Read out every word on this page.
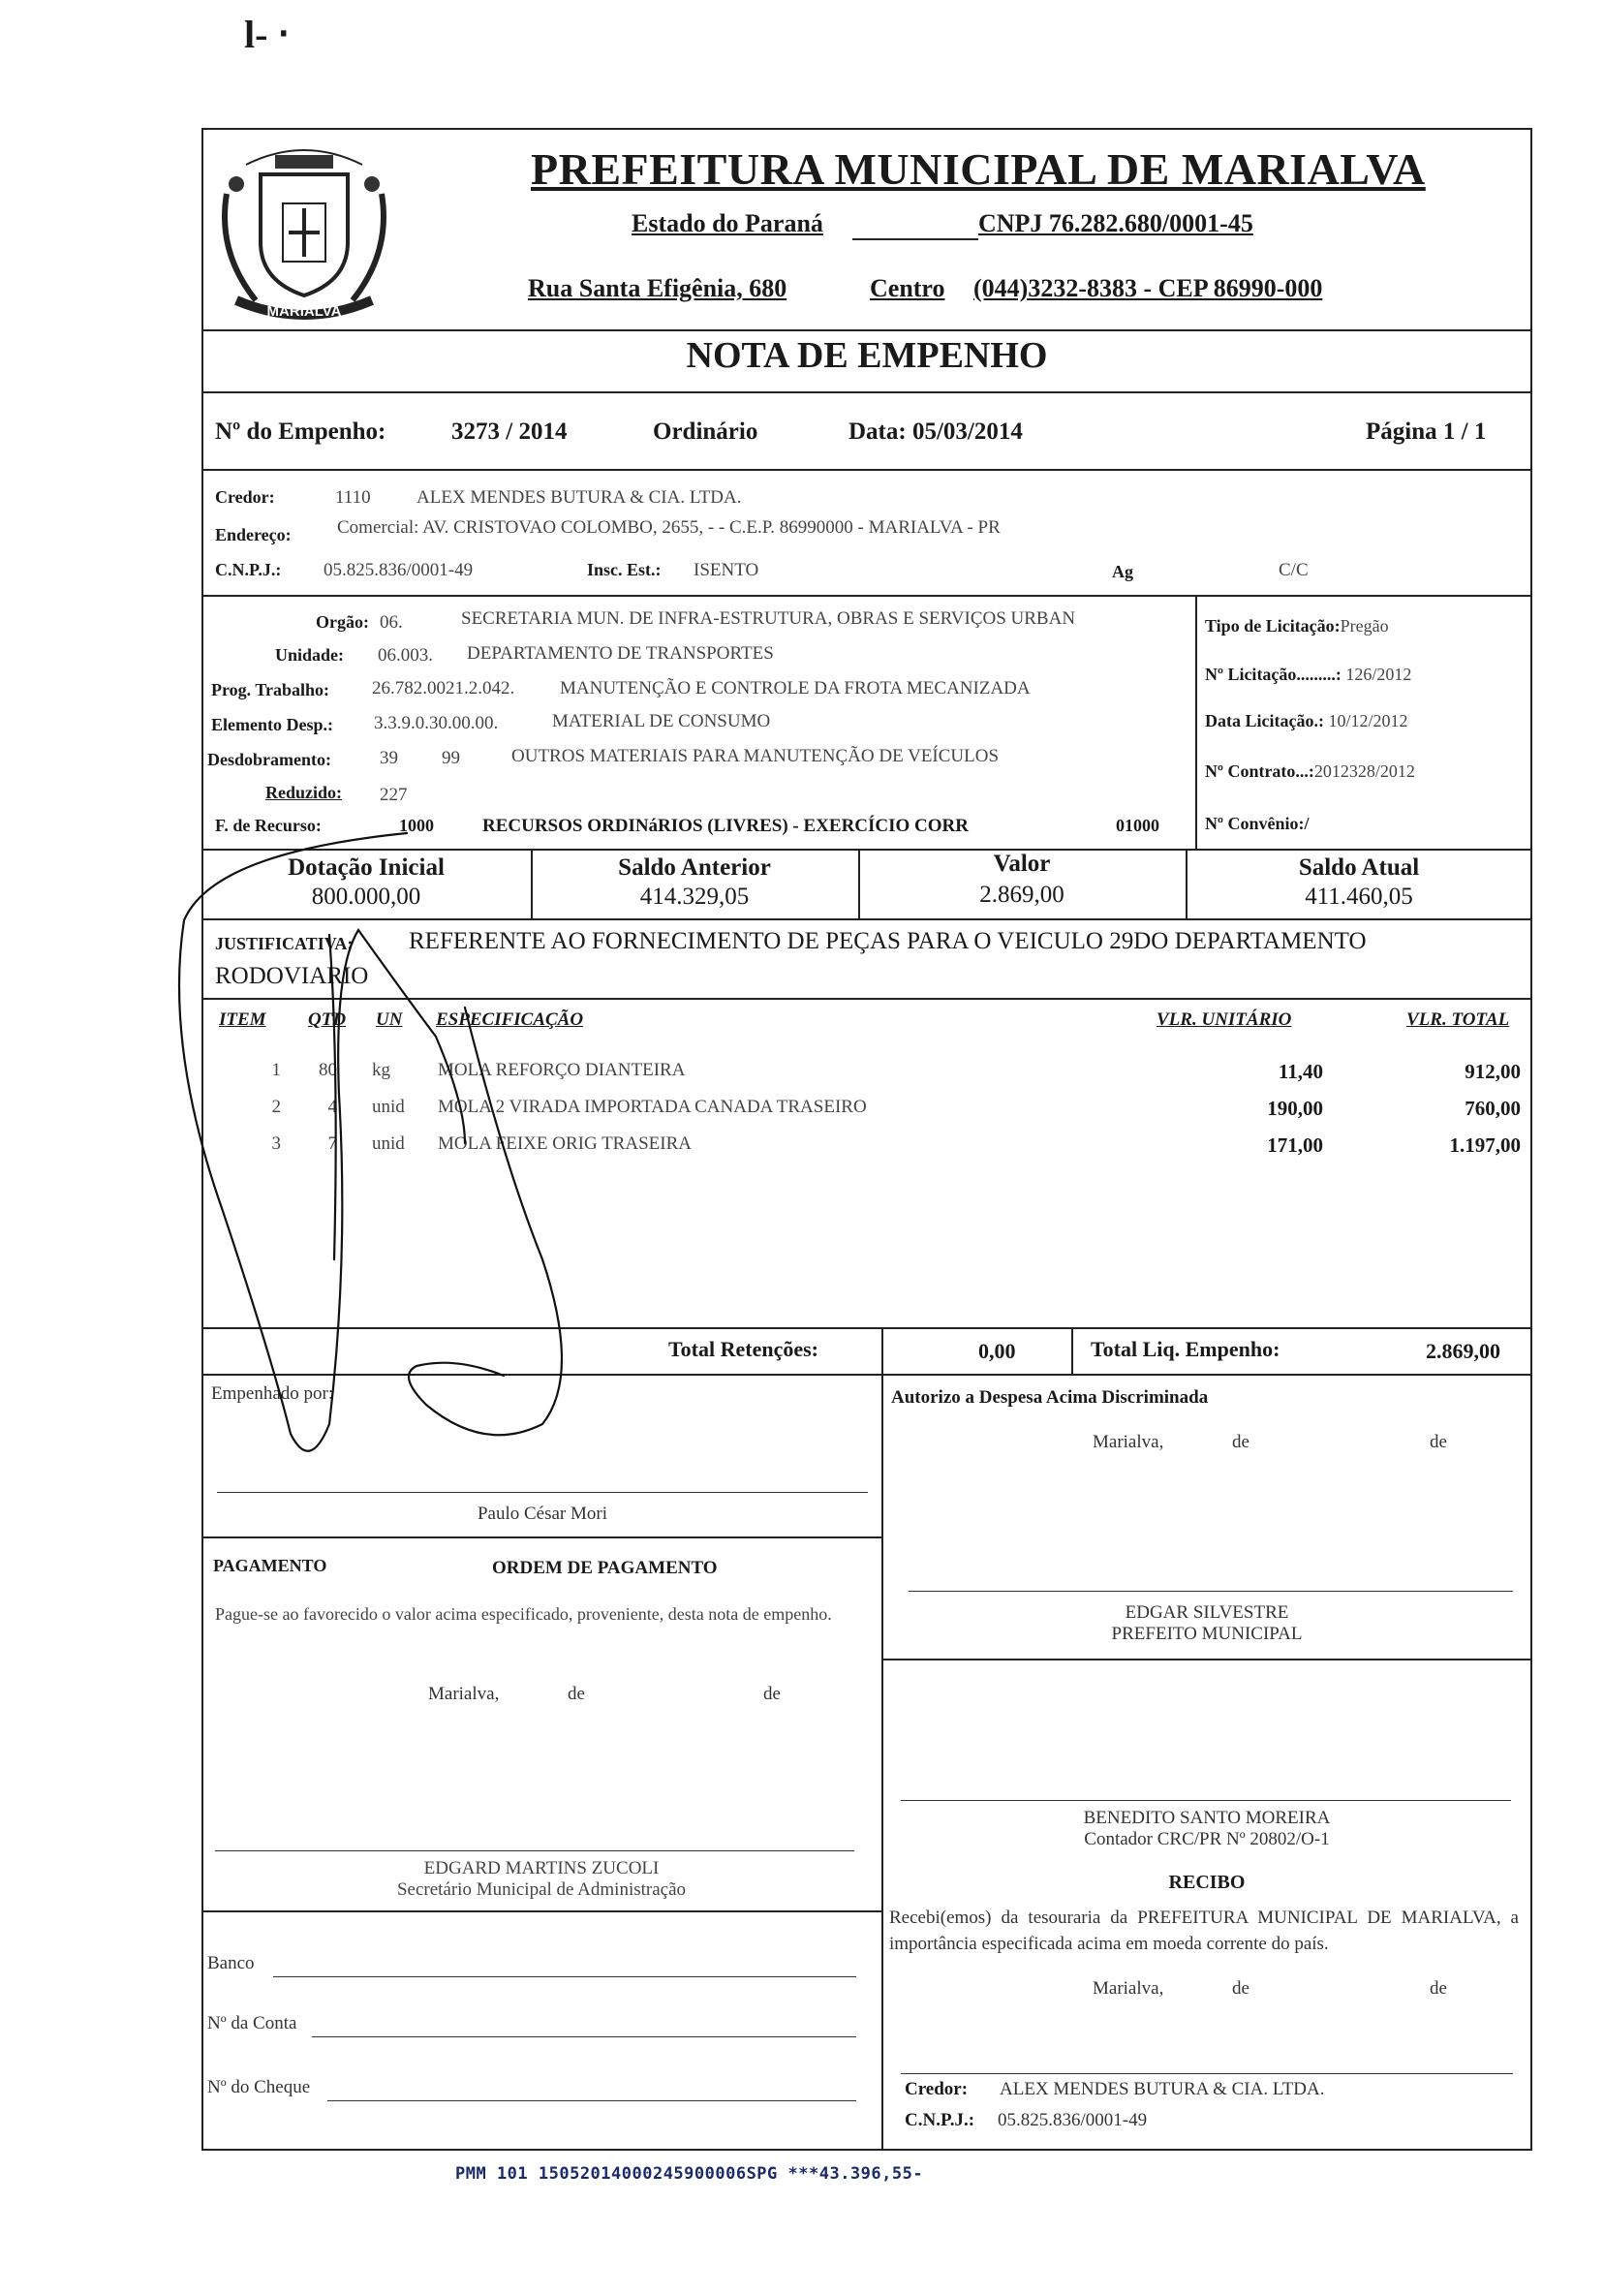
l- ‧
MARIALVA
PREFEITURA MUNICIPAL DE MARIALVA
Estado do Paraná	CNPJ 76.282.680/0001-45
Rua Santa Efigênia, 680	Centro (044)3232-8383 - CEP 86990-000
NOTA DE EMPENHO
Nº do Empenho:	3273 / 2014	Ordinário	Data: 05/03/2014	Página 1 / 1
Credor:	1110 ALEX MENDES BUTURA & CIA. LTDA.
Endereço: Comercial: AV. CRISTOVAO COLOMBO, 2655, - - C.E.P. 86990000 - MARIALVA - PR
C.N.P.J.: 05.825.836/0001-49	Insc. Est.: ISENTO	Ag	C/C
Orgão: 06.	SECRETARIA MUN. DE INFRA-ESTRUTURA, OBRAS E SERVIÇOS URBAN
Unidade: 06.003. DEPARTAMENTO DE TRANSPORTES
Prog. Trabalho: 26.782.0021.2.042. MANUTENÇÃO E CONTROLE DA FROTA MECANIZADA
Elemento Desp.: 3.3.9.0.30.00.00.	MATERIAL DE CONSUMO
Desdobramento:	39 99	OUTROS MATERIAIS PARA MANUTENÇÃO DE VEÍCULOS
Reduzido: 227
F. de Recurso:	1000	RECURSOS ORDINáRIOS (LIVRES) - EXERCÍCIO CORR	01000
Tipo de Licitação:Pregão
Nº Licitação.........: 126/2012
Data Licitação.: 10/12/2012
Nº Contrato...:2012328/2012
Nº Convênio:/
Dotação Inicial
800.000,00
Saldo Anterior
414.329,05
Valor
2.869,00
Saldo Atual
411.460,05
JUSTIFICATIVA: REFERENTE AO FORNECIMENTO DE PEÇAS PARA O VEICULO 29DO DEPARTAMENTO
RODOVIARIO
ITEM QTD UN ESPECIFICAÇÃO	VLR. UNITÁRIO	VLR. TOTAL
1	80 kg	MOLA REFORÇO DIANTEIRA	11,40	912,00
2	4 unid	MOLA 2 VIRADA IMPORTADA CANADA TRASEIRO	190,00	760,00
3	7 unid	MOLA FEIXE ORIG TRASEIRA	171,00	1.197,00
Total Retenções:	0,00	Total Liq. Empenho:	2.869,00
Empenhado por:
Paulo César Mori
Autorizo a Despesa Acima Discriminada
Marialva,	de	de
EDGAR SILVESTRE
PREFEITO MUNICIPAL
PAGAMENTO	ORDEM DE PAGAMENTO
Pague-se ao favorecido o valor acima especificado, proveniente, desta nota de empenho.
Marialva,	de	de
EDGARD MARTINS ZUCOLI
Secretário Municipal de Administração
BENEDITO SANTO MOREIRA
Contador CRC/PR Nº 20802/O-1
RECIBO
Recebi(emos) da tesouraria da PREFEITURA MUNICIPAL DE MARIALVA, a importância especificada acima em moeda corrente do país.
Marialva,	de	de
Credor: ALEX MENDES BUTURA & CIA. LTDA.
C.N.P.J.: 05.825.836/0001-49
Banco
Nº da Conta
Nº do Cheque
PMM 101 15052014000245900006SPG ***43.396,55-
